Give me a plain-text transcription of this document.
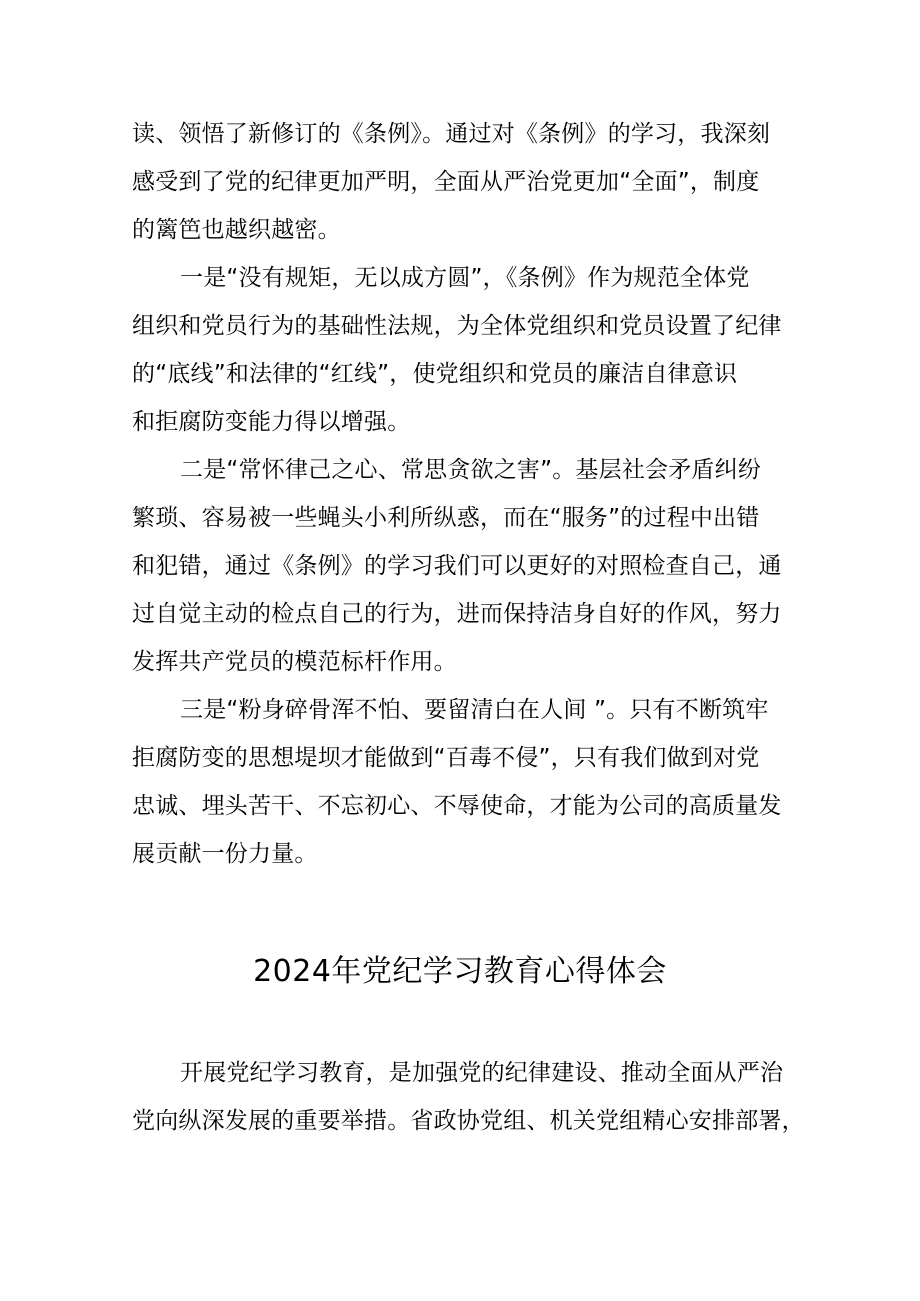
读、领悟了新修订的《条例》。通过对《条例》的学习，我深刻
感受到了党的纪律更加严明，全面从严治党更加“全面”，制度
的篱笆也越织越密。
一是“没有规矩，无以成方圆”，《条例》作为规范全体党
组织和党员行为的基础性法规，为全体党组织和党员设置了纪律
的“底线”和法律的“红线”，使党组织和党员的廉洁自律意识
和拒腐防变能力得以增强。
二是“常怀律己之心、常思贪欲之害”。基层社会矛盾纠纷
繁琐、容易被一些蝇头小利所纵惑，而在“服务”的过程中出错
和犯错，通过《条例》的学习我们可以更好的对照检查自己，通
过自觉主动的检点自己的行为，进而保持洁身自好的作风，努力
发挥共产党员的模范标杆作用。
三是“粉身碎骨浑不怕、要留清白在人间 ”。只有不断筑牢
拒腐防变的思想堤坝才能做到“百毒不侵”，只有我们做到对党
忠诚、埋头苦干、不忘初心、不辱使命，才能为公司的高质量发
展贡献一份力量。
2024年党纪学习教育心得体会
开展党纪学习教育，是加强党的纪律建设、推动全面从严治
党向纵深发展的重要举措。省政协党组、机关党组精心安排部署，
